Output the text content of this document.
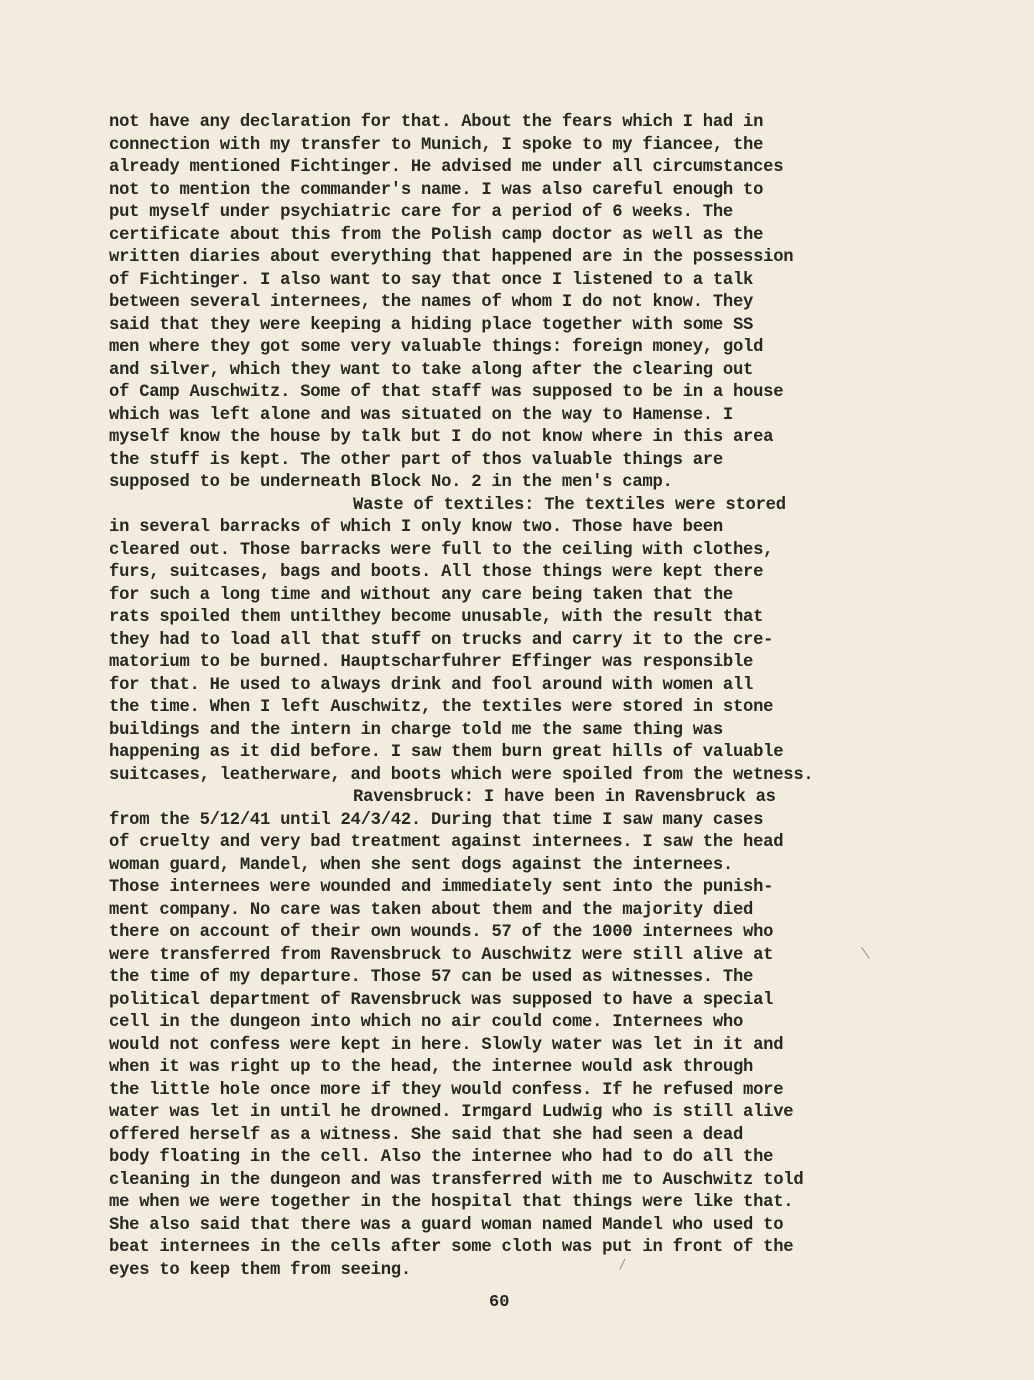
not have any declaration for that. About the fears which I had in
connection with my transfer to Munich, I spoke to my fiancee, the
already mentioned Fichtinger. He advised me under all circumstances
not to mention the commander's name. I was also careful enough to
put myself under psychiatric care for a period of 6 weeks. The
certificate about this from the Polish camp doctor as well as the
written diaries about everything that happened are in the possession
of Fichtinger. I also want to say that once I listened to a talk
between several internees, the names of whom I do not know. They
said that they were keeping a hiding place together with some SS
men where they got some very valuable things: foreign money, gold
and silver, which they want to take along after the clearing out
of Camp Auschwitz. Some of that staff was supposed to be in a house
which was left alone and was situated on the way to Hamense. I
myself know the house by talk but I do not know where in this area
the stuff is kept. The other part of thos valuable things are
supposed to be underneath Block No. 2 in the men's camp.
Waste of textiles: The textiles were stored
in several barracks of which I only know two. Those have been
cleared out. Those barracks were full to the ceiling with clothes,
furs, suitcases, bags and boots. All those things were kept there
for such a long time and without any care being taken that the
rats spoiled them untilthey become unusable, with the result that
they had to load all that stuff on trucks and carry it to the cre-
matorium to be burned. Hauptscharfuhrer Effinger was responsible
for that. He used to always drink and fool around with women all
the time. When I left Auschwitz, the textiles were stored in stone
buildings and the intern in charge told me the same thing was
happening as it did before. I saw them burn great hills of valuable
suitcases, leatherware, and boots which were spoiled from the wetness.
Ravensbruck: I have been in Ravensbruck as
from the 5/12/41 until 24/3/42. During that time I saw many cases
of cruelty and very bad treatment against internees. I saw the head
woman guard, Mandel, when she sent dogs against the internees.
Those internees were wounded and immediately sent into the punish-
ment company. No care was taken about them and the majority died
there on account of their own wounds. 57 of the 1000 internees who
were transferred from Ravensbruck to Auschwitz were still alive at
the time of my departure. Those 57 can be used as witnesses. The
political department of Ravensbruck was supposed to have a special
cell in the dungeon into which no air could come. Internees who
would not confess were kept in here. Slowly water was let in it and
when it was right up to the head, the internee would ask through
the little hole once more if they would confess. If he refused more
water was let in until he drowned. Irmgard Ludwig who is still alive
offered herself as a witness. She said that she had seen a dead
body floating in the cell. Also the internee who had to do all the
cleaning in the dungeon and was transferred with me to Auschwitz told
me when we were together in the hospital that things were like that.
She also said that there was a guard woman named Mandel who used to
beat internees in the cells after some cloth was put in front of the
eyes to keep them from seeing.
60
